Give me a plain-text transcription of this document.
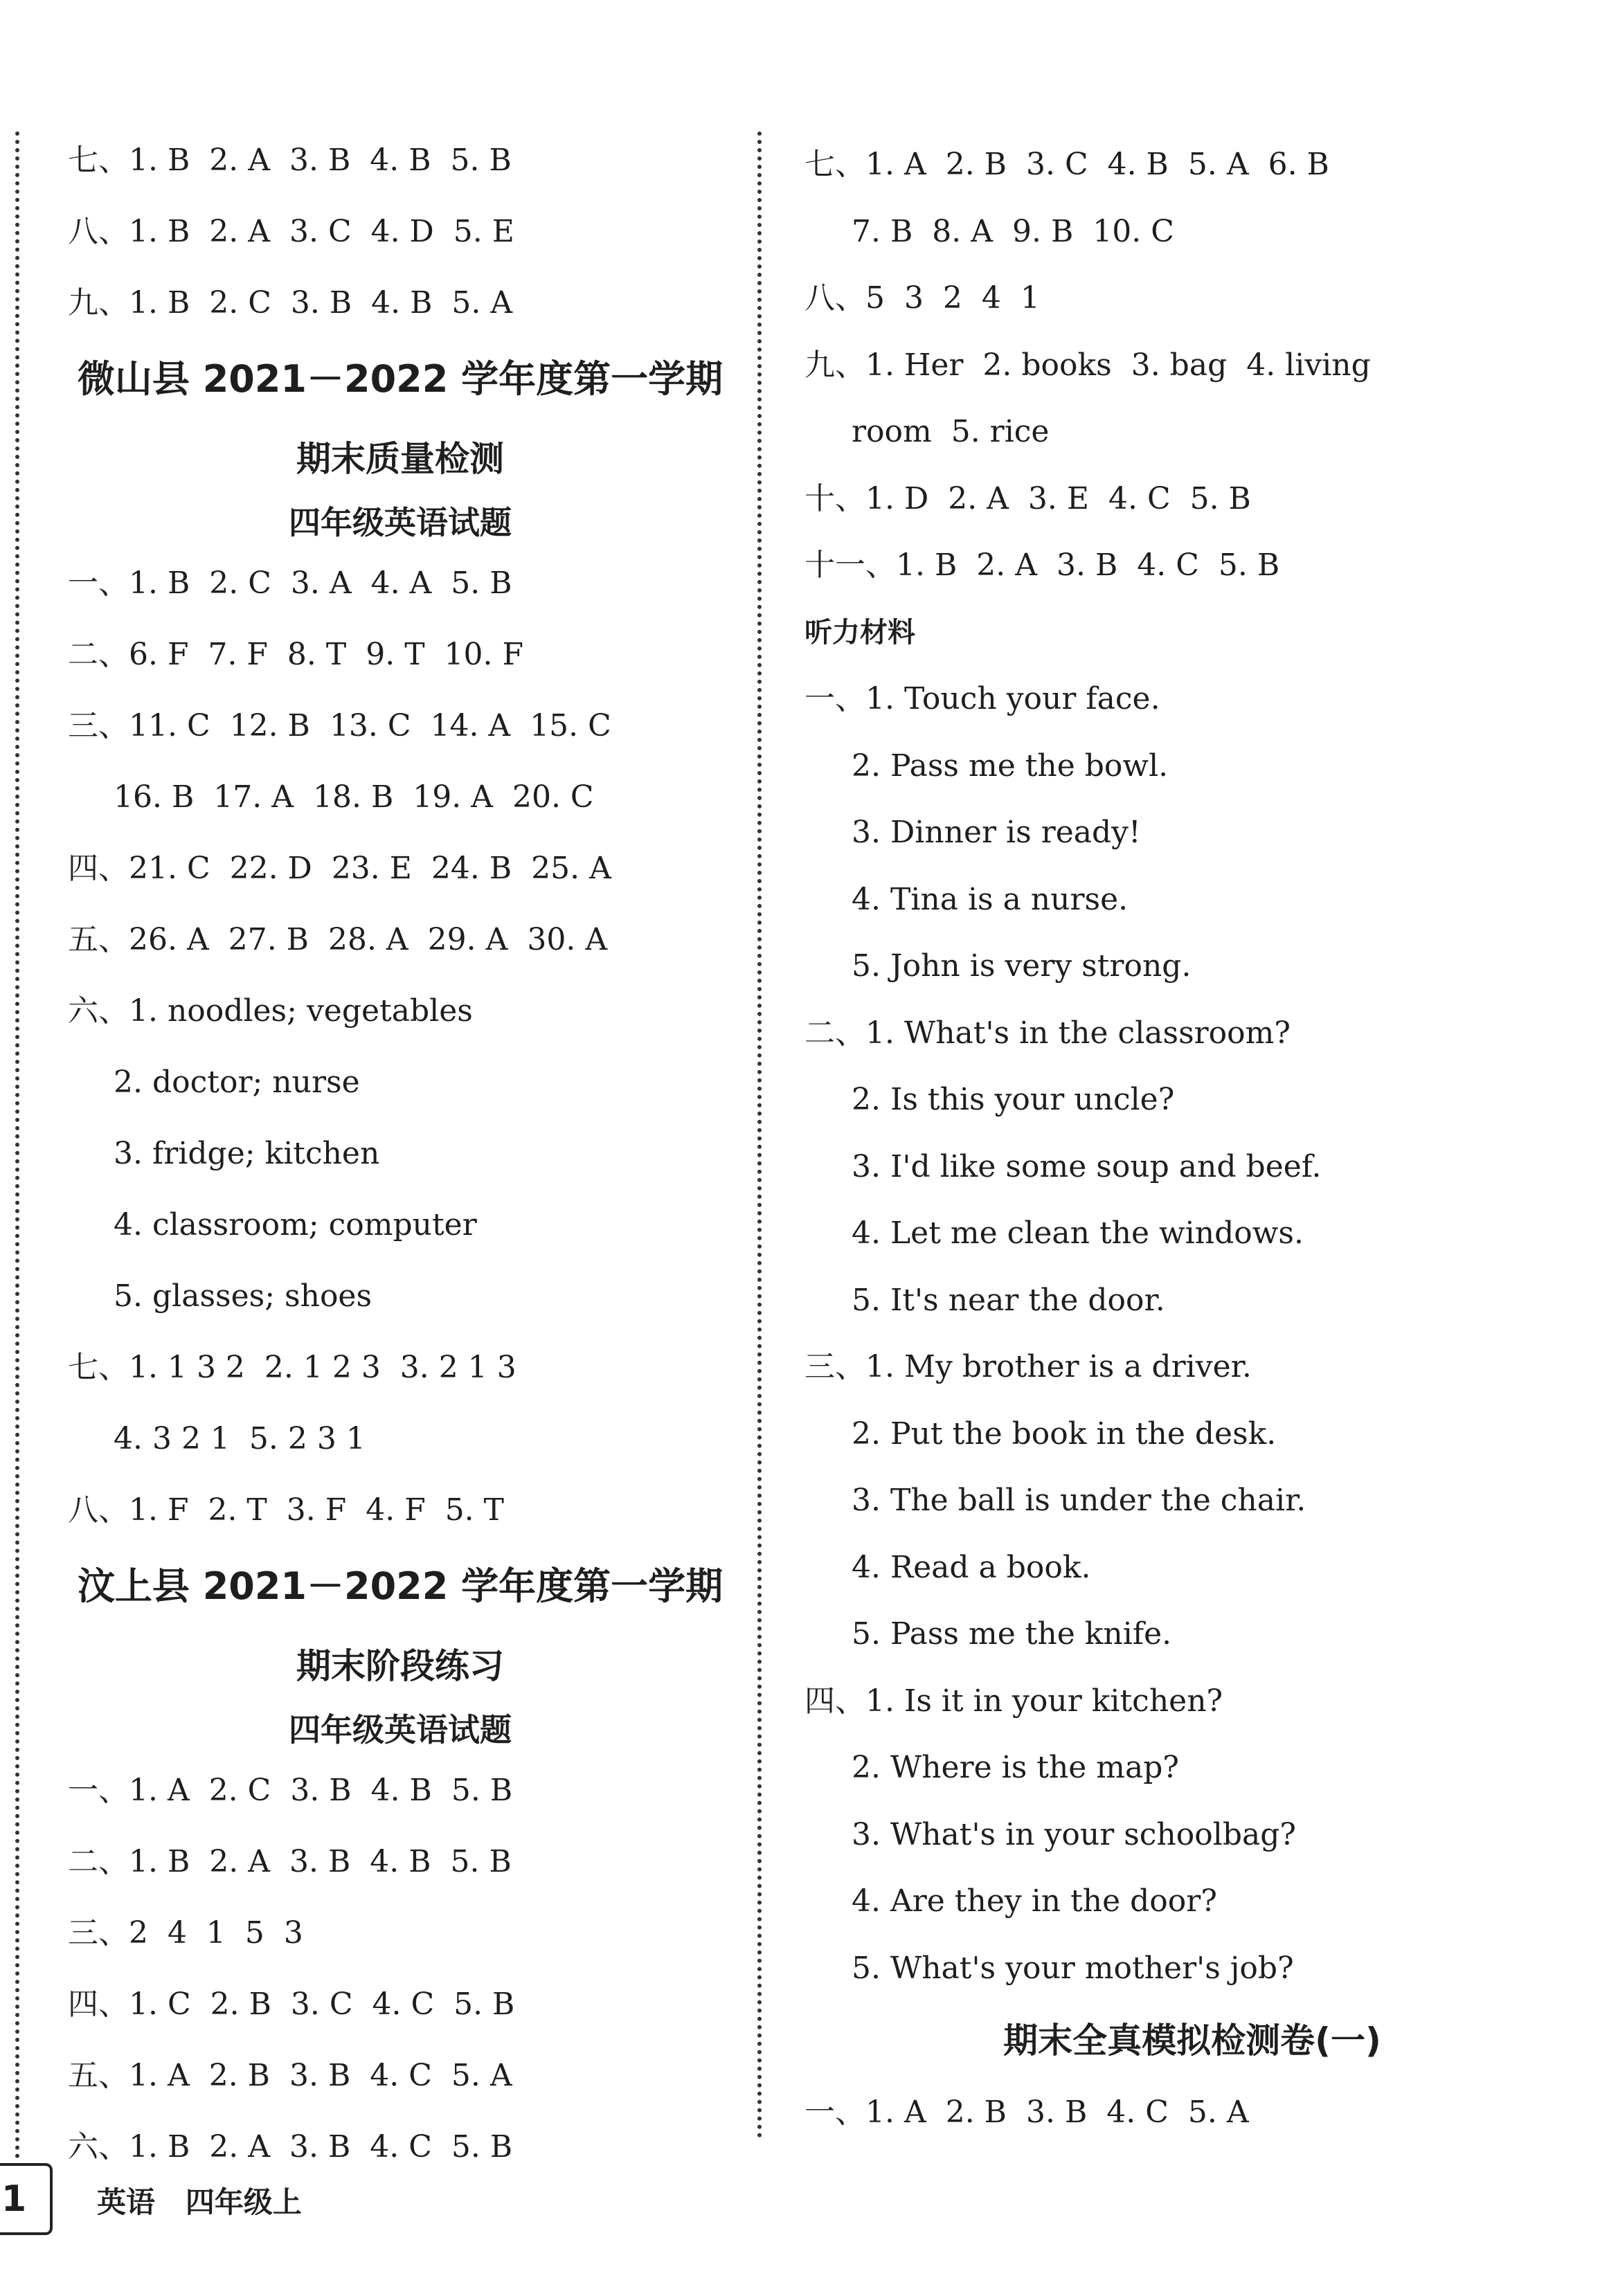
七、1. B  2. A  3. B  4. B  5. B
八、1. B  2. A  3. C  4. D  5. E
九、1. B  2. C  3. B  4. B  5. A
微山县 2021－2022 学年度第一学期
期末质量检测
四年级英语试题
一、1. B  2. C  3. A  4. A  5. B
二、6. F  7. F  8. T  9. T  10. F
三、11. C  12. B  13. C  14. A  15. C
16. B  17. A  18. B  19. A  20. C
四、21. C  22. D  23. E  24. B  25. A
五、26. A  27. B  28. A  29. A  30. A
六、1. noodles; vegetables
2. doctor; nurse
3. fridge; kitchen
4. classroom; computer
5. glasses; shoes
七、1. 1 3 2  2. 1 2 3  3. 2 1 3
4. 3 2 1  5. 2 3 1
八、1. F  2. T  3. F  4. F  5. T
汶上县 2021－2022 学年度第一学期
期末阶段练习
四年级英语试题
一、1. A  2. C  3. B  4. B  5. B
二、1. B  2. A  3. B  4. B  5. B
三、2  4  1  5  3
四、1. C  2. B  3. C  4. C  5. B
五、1. A  2. B  3. B  4. C  5. A
六、1. B  2. A  3. B  4. C  5. B
七、1. A  2. B  3. C  4. B  5. A  6. B
7. B  8. A  9. B  10. C
八、5  3  2  4  1
九、1. Her  2. books  3. bag  4. living
room  5. rice
十、1. D  2. A  3. E  4. C  5. B
十一、1. B  2. A  3. B  4. C  5. B
听力材料
一、1. Touch your face.
2. Pass me the bowl.
3. Dinner is ready!
4. Tina is a nurse.
5. John is very strong.
二、1. What's in the classroom?
2. Is this your uncle?
3. I'd like some soup and beef.
4. Let me clean the windows.
5. It's near the door.
三、1. My brother is a driver.
2. Put the book in the desk.
3. The ball is under the chair.
4. Read a book.
5. Pass me the knife.
四、1. Is it in your kitchen?
2. Where is the map?
3. What's in your schoolbag?
4. Are they in the door?
5. What's your mother's job?
期末全真模拟检测卷(一)
一、1. A  2. B  3. B  4. C  5. A
1	英语   四年级上
